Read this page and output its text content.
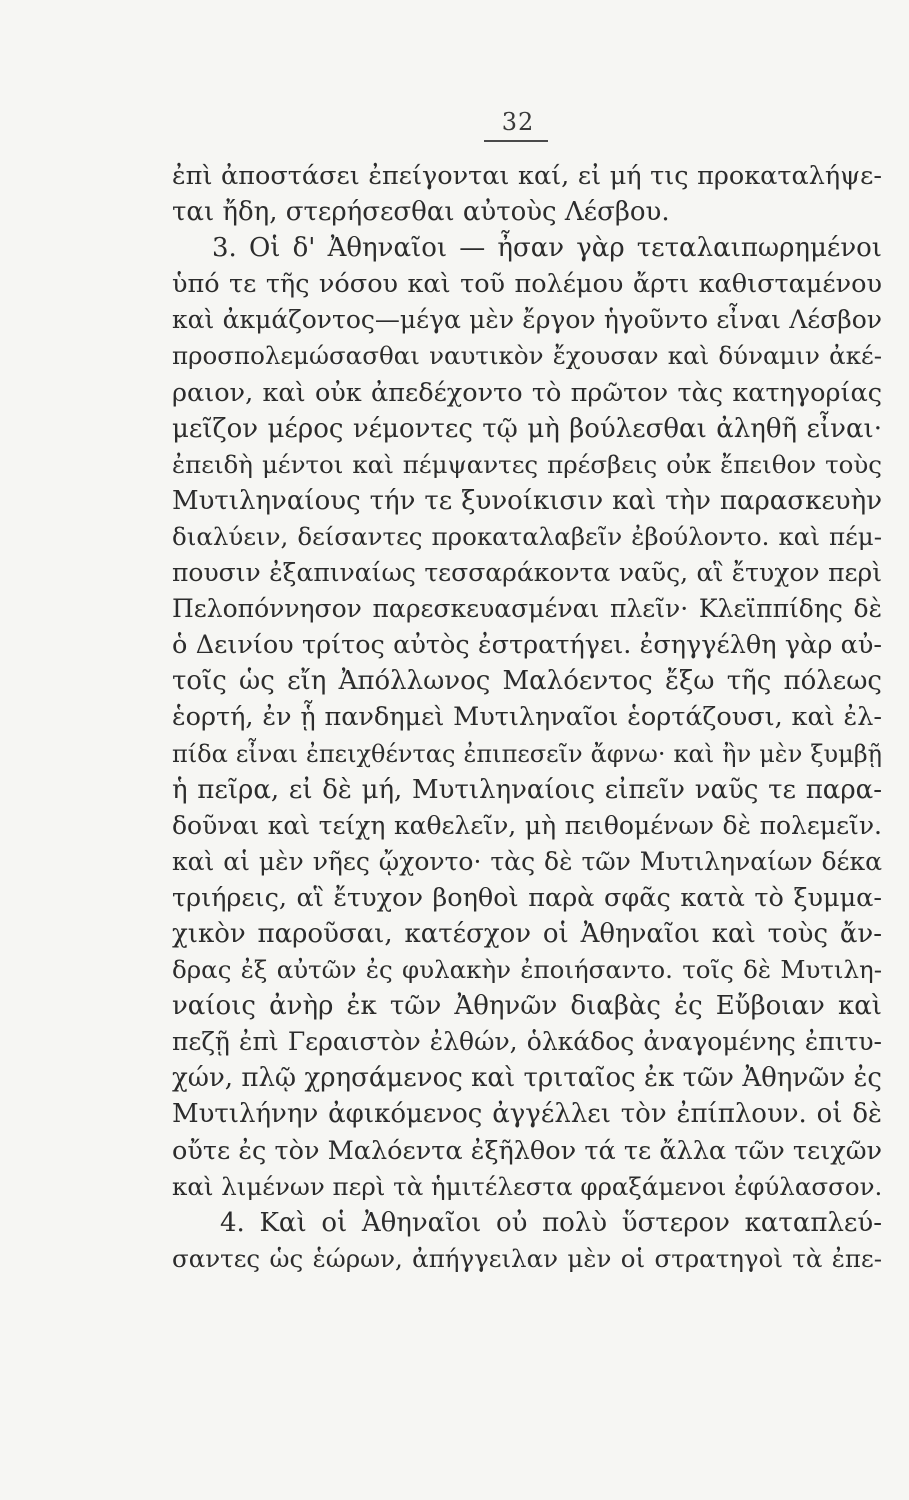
32
ἐπὶ ἀποστάσει ἐπείγονται καί, εἰ μή τις προκαταλήψε-
ται ἤδη, στερήσεσθαι αὐτοὺς Λέσβου.
3. Οἱ δ' Ἀθηναῖοι — ἦσαν γὰρ τεταλαιπωρημένοι
ὑπό τε τῆς νόσου καὶ τοῦ πολέμου ἄρτι καθισταμένου
καὶ ἀκμάζοντος—μέγα μὲν ἔργον ἡγοῦντο εἶναι Λέσβον
προσπολεμώσασθαι ναυτικὸν ἔχουσαν καὶ δύναμιν ἀκέ-
ραιον, καὶ οὐκ ἀπεδέχοντο τὸ πρῶτον τὰς κατηγορίας
μεῖζον μέρος νέμοντες τῷ μὴ βούλεσθαι ἀληθῆ εἶναι·
ἐπειδὴ μέντοι καὶ πέμψαντες πρέσβεις οὐκ ἔπειθον τοὺς
Μυτιληναίους τήν τε ξυνοίκισιν καὶ τὴν παρασκευὴν
διαλύειν, δείσαντες προκαταλαβεῖν ἐβούλοντο. καὶ πέμ-
πουσιν ἐξαπιναίως τεσσαράκοντα ναῦς, αἳ ἔτυχον περὶ
Πελοπόννησον παρεσκευασμέναι πλεῖν· Κλεϊππίδης δὲ
ὁ Δεινίου τρίτος αὐτὸς ἐστρατήγει. ἐσηγγέλθη γὰρ αὐ-
τοῖς ὡς εἴη Ἀπόλλωνος Μαλόεντος ἔξω τῆς πόλεως
ἑορτή, ἐν ᾗ πανδημεὶ Μυτιληναῖοι ἑορτάζουσι, καὶ ἐλ-
πίδα εἶναι ἐπειχθέντας ἐπιπεσεῖν ἄφνω· καὶ ἢν μὲν ξυμβῇ
ἡ πεῖρα, εἰ δὲ μή, Μυτιληναίοις εἰπεῖν ναῦς τε παρα-
δοῦναι καὶ τείχη καθελεῖν, μὴ πειθομένων δὲ πολεμεῖν.
καὶ αἱ μὲν νῆες ᾤχοντο· τὰς δὲ τῶν Μυτιληναίων δέκα
τριήρεις, αἳ ἔτυχον βοηθοὶ παρὰ σφᾶς κατὰ τὸ ξυμμα-
χικὸν παροῦσαι, κατέσχον οἱ Ἀθηναῖοι καὶ τοὺς ἄν-
δρας ἐξ αὐτῶν ἐς φυλακὴν ἐποιήσαντο. τοῖς δὲ Μυτιλη-
ναίοις ἀνὴρ ἐκ τῶν Ἀθηνῶν διαβὰς ἐς Εὔβοιαν καὶ
πεζῇ ἐπὶ Γεραιστὸν ἐλθών, ὁλκάδος ἀναγομένης ἐπιτυ-
χών, πλῷ χρησάμενος καὶ τριταῖος ἐκ τῶν Ἀθηνῶν ἐς
Μυτιλήνην ἀφικόμενος ἀγγέλλει τὸν ἐπίπλουν. οἱ δὲ
οὔτε ἐς τὸν Μαλόεντα ἐξῆλθον τά τε ἄλλα τῶν τειχῶν
καὶ λιμένων περὶ τὰ ἡμιτέλεστα φραξάμενοι ἐφύλασσον.
4. Καὶ οἱ Ἀθηναῖοι οὐ πολὺ ὕστερον καταπλεύ-
σαντες ὡς ἑώρων, ἀπήγγειλαν μὲν οἱ στρατηγοὶ τὰ ἐπε-
